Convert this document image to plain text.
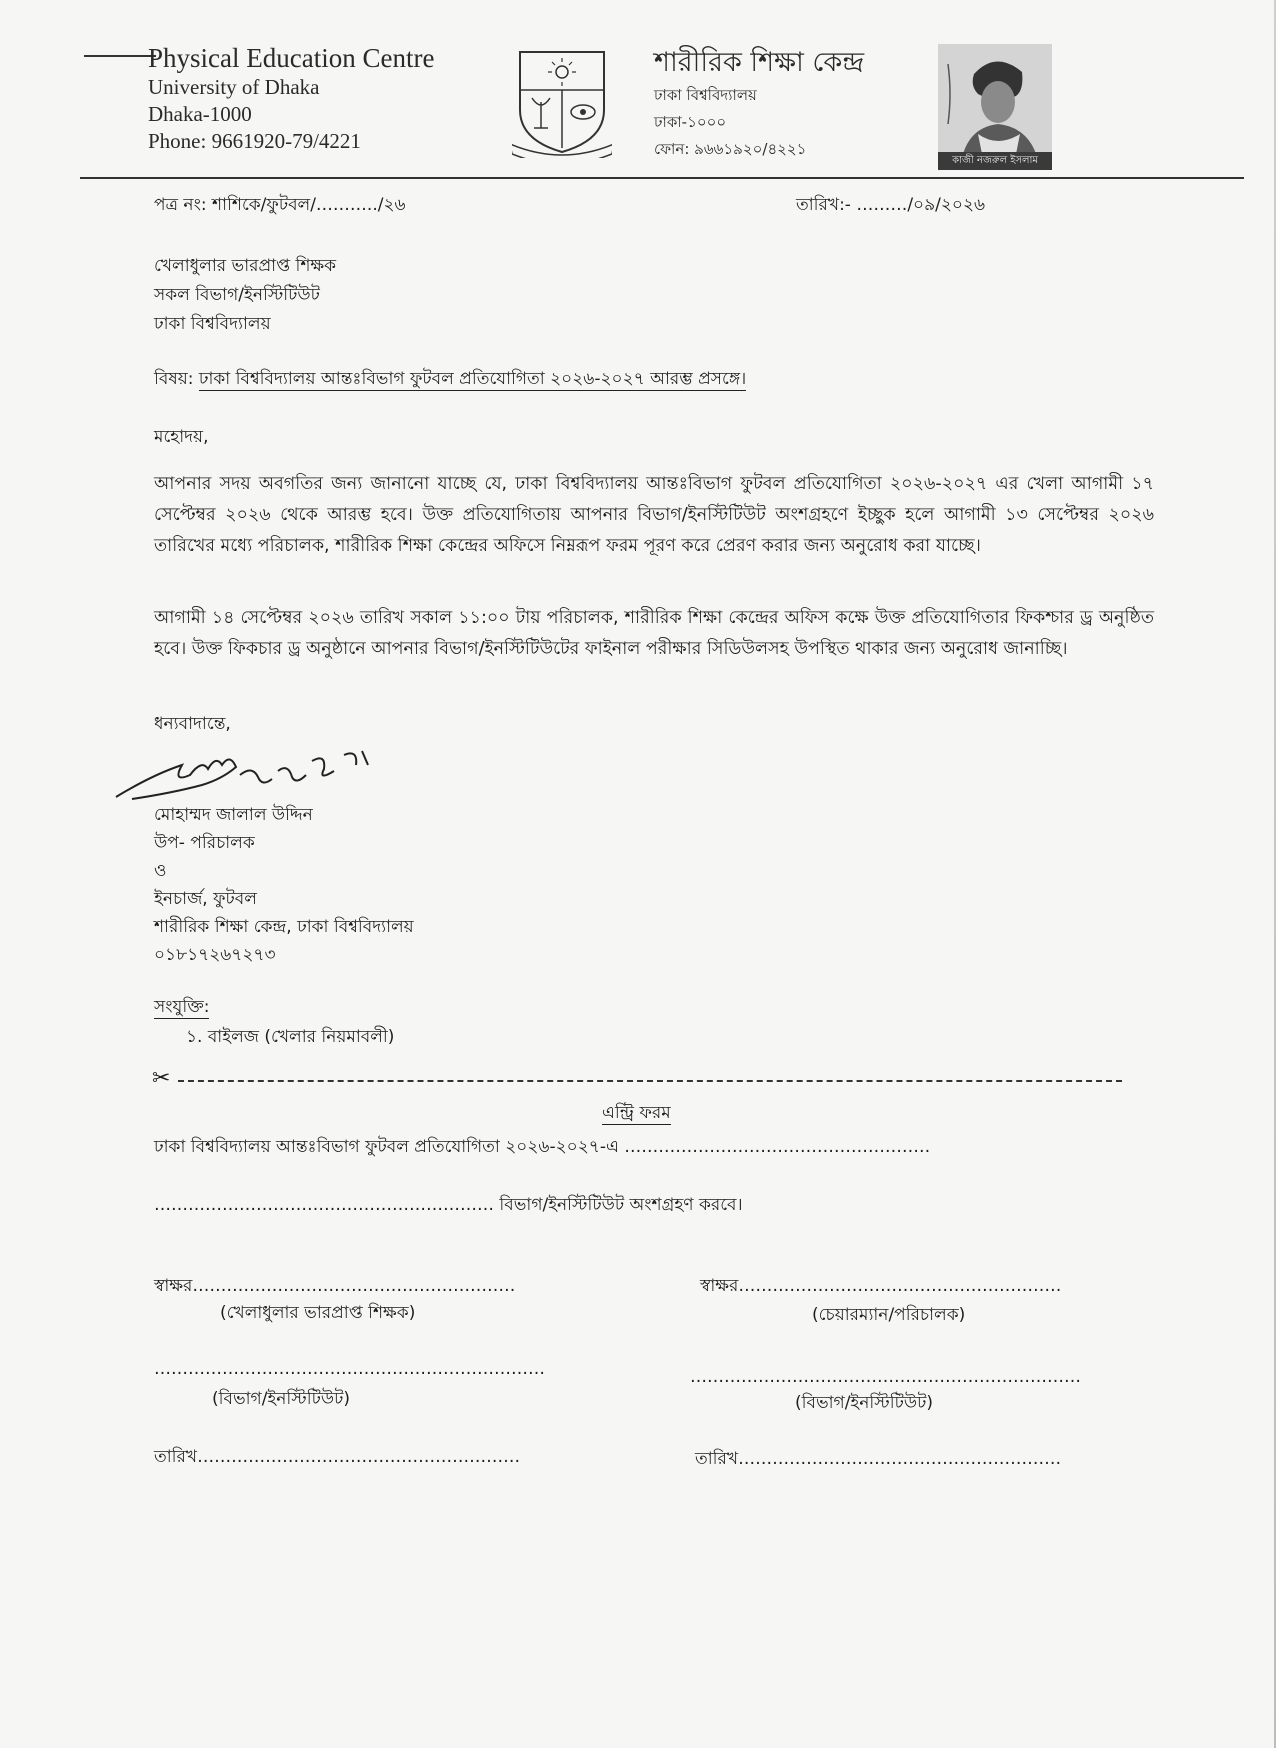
Physical Education Centre
University of Dhaka
Dhaka-1000
Phone: 9661920-79/4221
শারীরিক শিক্ষা কেন্দ্র
ঢাকা বিশ্ববিদ্যালয়
ঢাকা-১০০০
ফোন: ৯৬৬১৯২০/৪২২১
কাজী নজরুল ইসলাম
পত্র নং: শাশিকে/ফুটবল/………../২৬	তারিখ:- ………/০৯/২০২৬
খেলাধুলার ভারপ্রাপ্ত শিক্ষক
সকল বিভাগ/ইনস্টিটিউট
ঢাকা বিশ্ববিদ্যালয়
বিষয়: ঢাকা বিশ্ববিদ্যালয় আন্তঃবিভাগ ফুটবল প্রতিযোগিতা ২০২৬-২০২৭ আরম্ভ প্রসঙ্গে।
মহোদয়,
আপনার সদয় অবগতির জন্য জানানো যাচ্ছে যে, ঢাকা বিশ্ববিদ্যালয় আন্তঃবিভাগ ফুটবল প্রতিযোগিতা ২০২৬-২০২৭ এর খেলা আগামী ১৭ সেপ্টেম্বর ২০২৬ থেকে আরম্ভ হবে। উক্ত প্রতিযোগিতায় আপনার বিভাগ/ইনস্টিটিউট অংশগ্রহণে ইচ্ছুক হলে আগামী ১৩ সেপ্টেম্বর ২০২৬ তারিখের মধ্যে পরিচালক, শারীরিক শিক্ষা কেন্দ্রের অফিসে নিম্নরূপ ফরম পূরণ করে প্রেরণ করার জন্য অনুরোধ করা যাচ্ছে।
আগামী ১৪ সেপ্টেম্বর ২০২৬ তারিখ সকাল ১১:০০ টায় পরিচালক, শারীরিক শিক্ষা কেন্দ্রের অফিস কক্ষে উক্ত প্রতিযোগিতার ফিকশ্চার ড্র অনুষ্ঠিত হবে। উক্ত ফিকচার ড্র অনুষ্ঠানে আপনার বিভাগ/ইনস্টিটিউটের ফাইনাল পরীক্ষার সিডিউলসহ উপস্থিত থাকার জন্য অনুরোধ জানাচ্ছি।
ধন্যবাদান্তে,
মোহাম্মদ জালাল উদ্দিন
উপ- পরিচালক
ও
ইনচার্জ, ফুটবল
শারীরিক শিক্ষা কেন্দ্র, ঢাকা বিশ্ববিদ্যালয়
০১৮১৭২৬৭২৭৩
সংযুক্তি:
১. বাইলজ (খেলার নিয়মাবলী)
✂
এন্ট্রি ফরম
ঢাকা বিশ্ববিদ্যালয় আন্তঃবিভাগ ফুটবল প্রতিযোগিতা ২০২৬-২০২৭-এ ………………………………………………
…………………………………………………… বিভাগ/ইনস্টিটিউট অংশগ্রহণ করবে।
স্বাক্ষর…………………………………………………
(খেলাধুলার ভারপ্রাপ্ত শিক্ষক)
……………………………………………………………
(বিভাগ/ইনস্টিটিউট)
তারিখ…………………………………………………
স্বাক্ষর…………………………………………………
(চেয়ারম্যান/পরিচালক)
……………………………………………………………
(বিভাগ/ইনস্টিটিউট)
তারিখ…………………………………………………
